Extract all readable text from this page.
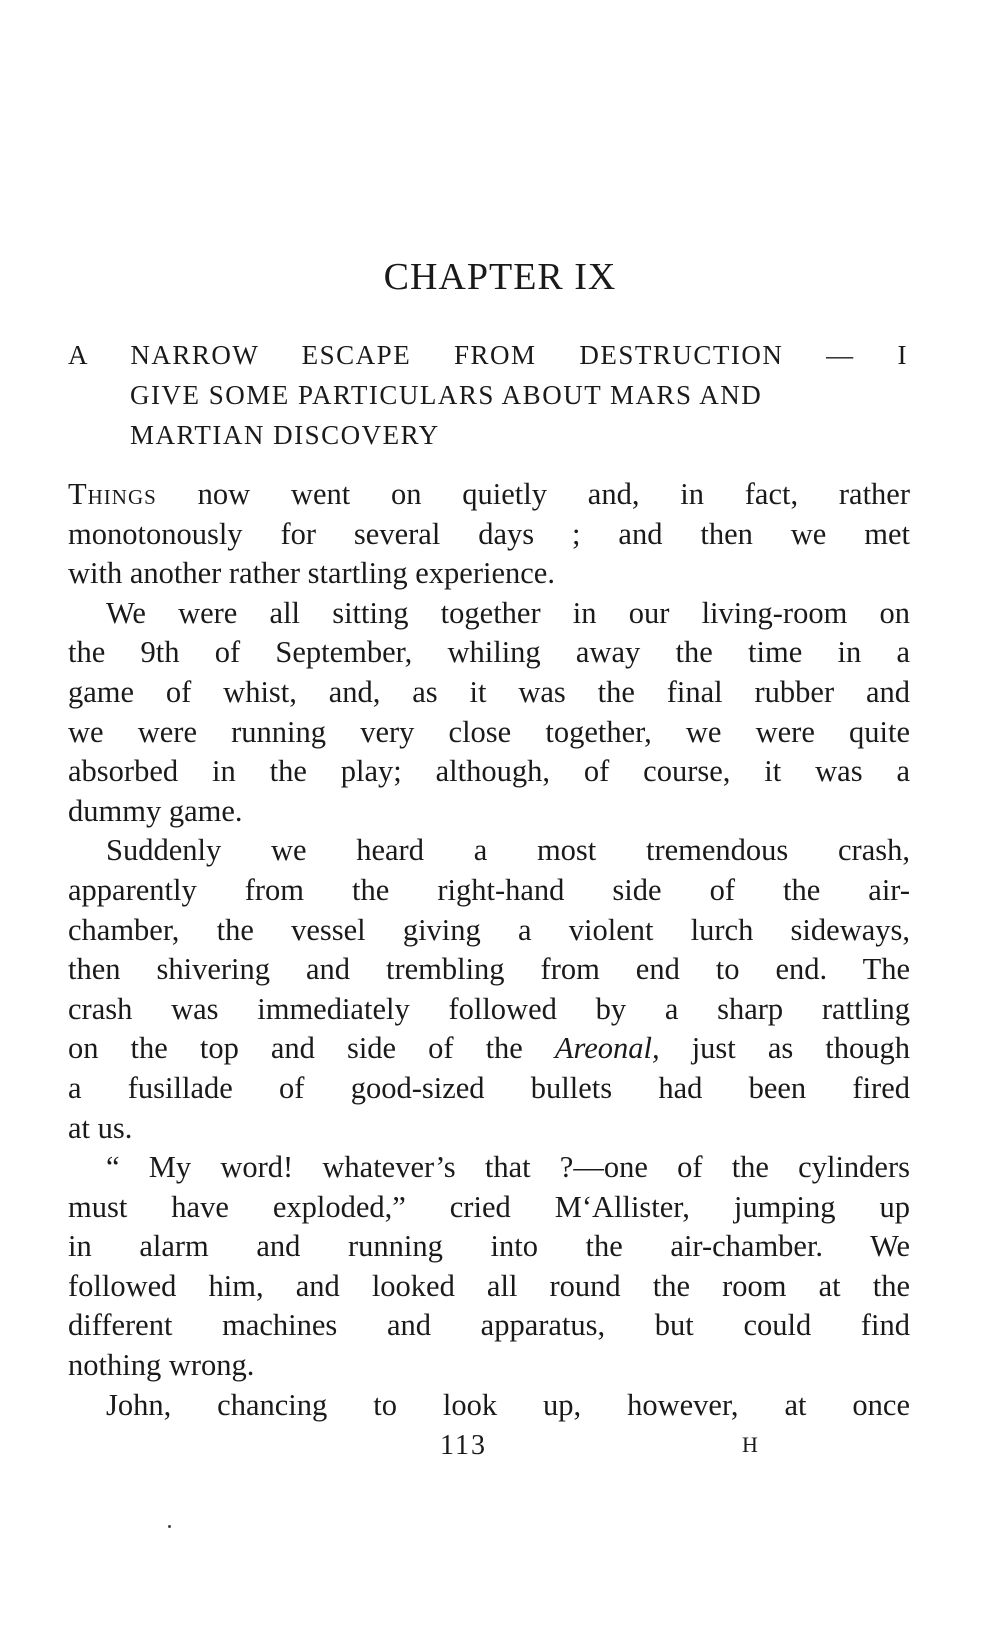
CHAPTER IX
A NARROW ESCAPE FROM DESTRUCTION — I
GIVE SOME PARTICULARS ABOUT MARS AND
MARTIAN DISCOVERY
Things now went on quietly and, in fact, rather
monotonously for several days ; and then we met
with another rather startling experience.
We were all sitting together in our living-room on
the 9th of September, whiling away the time in a
game of whist, and, as it was the final rubber and
we were running very close together, we were quite
absorbed in the play; although, of course, it was a
dummy game.
Suddenly we heard a most tremendous crash,
apparently from the right-hand side of the air-
chamber, the vessel giving a violent lurch sideways,
then shivering and trembling from end to end. The
crash was immediately followed by a sharp rattling
on the top and side of the Areonal, just as though
a fusillade of good-sized bullets had been fired
at us.
“ My word! whatever’s that ?—one of the cylinders
must have exploded,” cried M‘Allister, jumping up
in alarm and running into the air-chamber. We
followed him, and looked all round the room at the
different machines and apparatus, but could find
nothing wrong.
John, chancing to look up, however, at once
113	H
